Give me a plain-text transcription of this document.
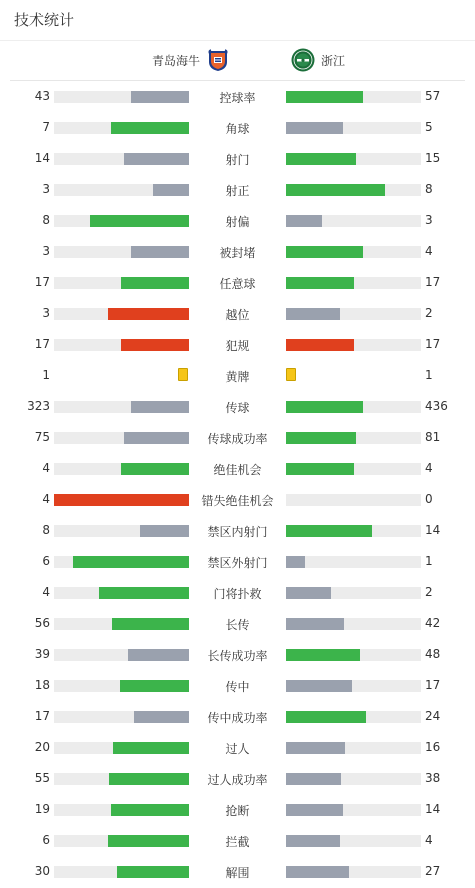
技术统计
青岛海牛	浙江
43	控球率	57
7	角球	5
14	射门	15
3	射正	8
8	射偏	3
3	被封堵	4
17	任意球	17
3	越位	2
17	犯规	17
1	黄牌	1
323	传球	436
75	传球成功率	81
4	绝佳机会	4
4	错失绝佳机会	0
8	禁区内射门	14
6	禁区外射门	1
4	门将扑救	2
56	长传	42
39	长传成功率	48
18	传中	17
17	传中成功率	24
20	过人	16
55	过人成功率	38
19	抢断	14
6	拦截	4
30	解围	27
